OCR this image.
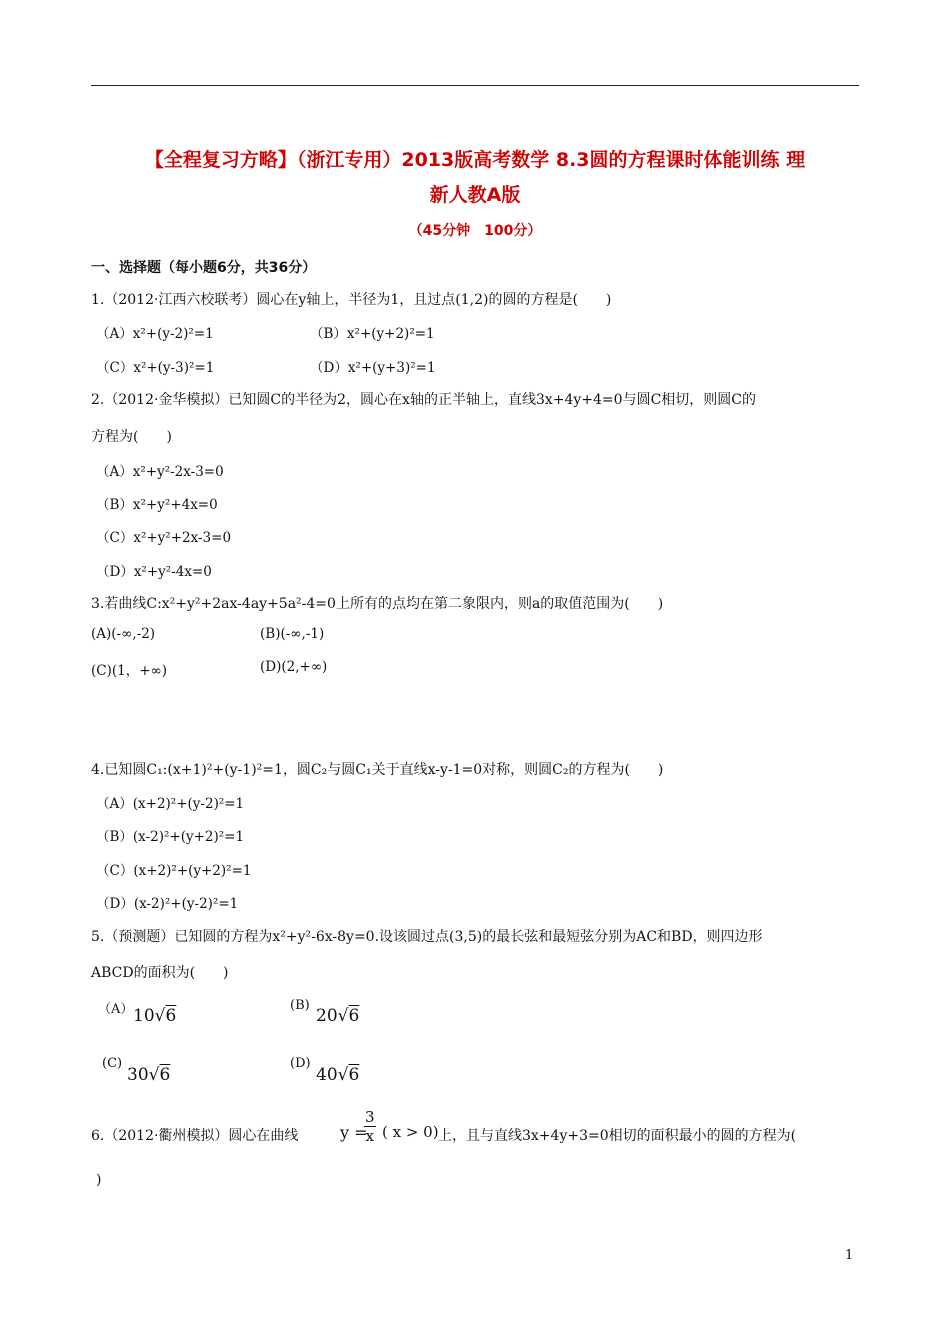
【全程复习方略】（浙江专用）2013版高考数学 8.3圆的方程课时体能训练 理
新人教A版
（45分钟　100分）
一、选择题（每小题6分，共36分）
1.（2012·江西六校联考）圆心在y轴上，半径为1，且过点(1,2)的圆的方程是(　　)
（A）x²+(y-2)²=1	（B）x²+(y+2)²=1
（C）x²+(y-3)²=1	（D）x²+(y+3)²=1
2.（2012·金华模拟）已知圆C的半径为2，圆心在x轴的正半轴上，直线3x+4y+4=0与圆C相切，则圆C的
方程为(　　)
（A）x²+y²-2x-3=0
（B）x²+y²+4x=0
（C）x²+y²+2x-3=0
（D）x²+y²-4x=0
3.若曲线C:x²+y²+2ax-4ay+5a²-4=0上所有的点均在第二象限内，则a的取值范围为(　　)
(A)(-∞,-2)	(B)(-∞,-1)
(C)(1，+∞)	(D)(2,+∞)
4.已知圆C₁:(x+1)²+(y-1)²=1，圆C₂与圆C₁关于直线x-y-1=0对称，则圆C₂的方程为(　　)
（A）(x+2)²+(y-2)²=1
（B）(x-2)²+(y+2)²=1
（C）(x+2)²+(y+2)²=1
（D）(x-2)²+(y-2)²=1
5.（预测题）已知圆的方程为x²+y²-6x-8y=0.设该圆过点(3,5)的最长弦和最短弦分别为AC和BD，则四边形
ABCD的面积为(　　)
（A） 10√6
(B)
20√6
(C)
30√6
(D)
40√6
6.（2012·衢州模拟）圆心在曲线	y =
$\frac{3}{x}$ ( x > 0) 上，且与直线3x+4y+3=0相切的面积最小的圆的方程为(
)
1
